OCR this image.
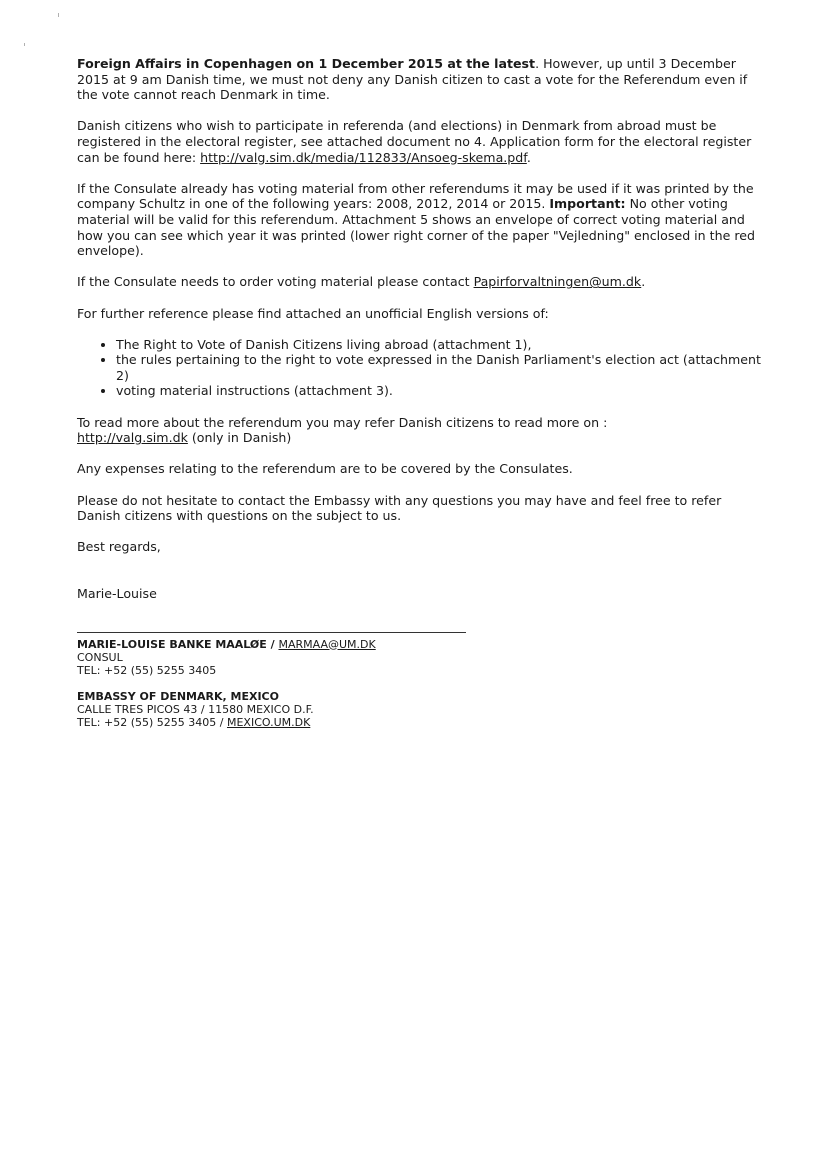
Foreign Affairs in Copenhagen on 1 December 2015 at the latest. However, up until 3 December 2015 at 9 am Danish time, we must not deny any Danish citizen to cast a vote for the Referendum even if the vote cannot reach Denmark in time.

Danish citizens who wish to participate in referenda (and elections) in Denmark from abroad must be registered in the electoral register, see attached document no 4. Application form for the electoral register can be found here: http://valg.sim.dk/media/112833/Ansoeg-skema.pdf.

If the Consulate already has voting material from other referendums it may be used if it was printed by the company Schultz in one of the following years: 2008, 2012, 2014 or 2015. Important: No other voting material will be valid for this referendum. Attachment 5 shows an envelope of correct voting material and how you can see which year it was printed (lower right corner of the paper "Vejledning" enclosed in the red envelope).

If the Consulate needs to order voting material please contact Papirforvaltningen@um.dk.

For further reference please find attached an unofficial English versions of:

• The Right to Vote of Danish Citizens living abroad (attachment 1),
• the rules pertaining to the right to vote expressed in the Danish Parliament's election act (attachment 2)
• voting material instructions (attachment 3).

To read more about the referendum you may refer Danish citizens to read more on :
http://valg.sim.dk (only in Danish)

Any expenses relating to the referendum are to be covered by the Consulates.

Please do not hesitate to contact the Embassy with any questions you may have and feel free to refer Danish citizens with questions on the subject to us.

Best regards,

Marie-Louise

MARIE-LOUISE BANKE MAALØE / MARMAA@UM.DK
CONSUL
TEL: +52 (55) 5255 3405
EMBASSY OF DENMARK, MEXICO
CALLE TRES PICOS 43 / 11580 MEXICO D.F.
TEL: +52 (55) 5255 3405 / MEXICO.UM.DK
